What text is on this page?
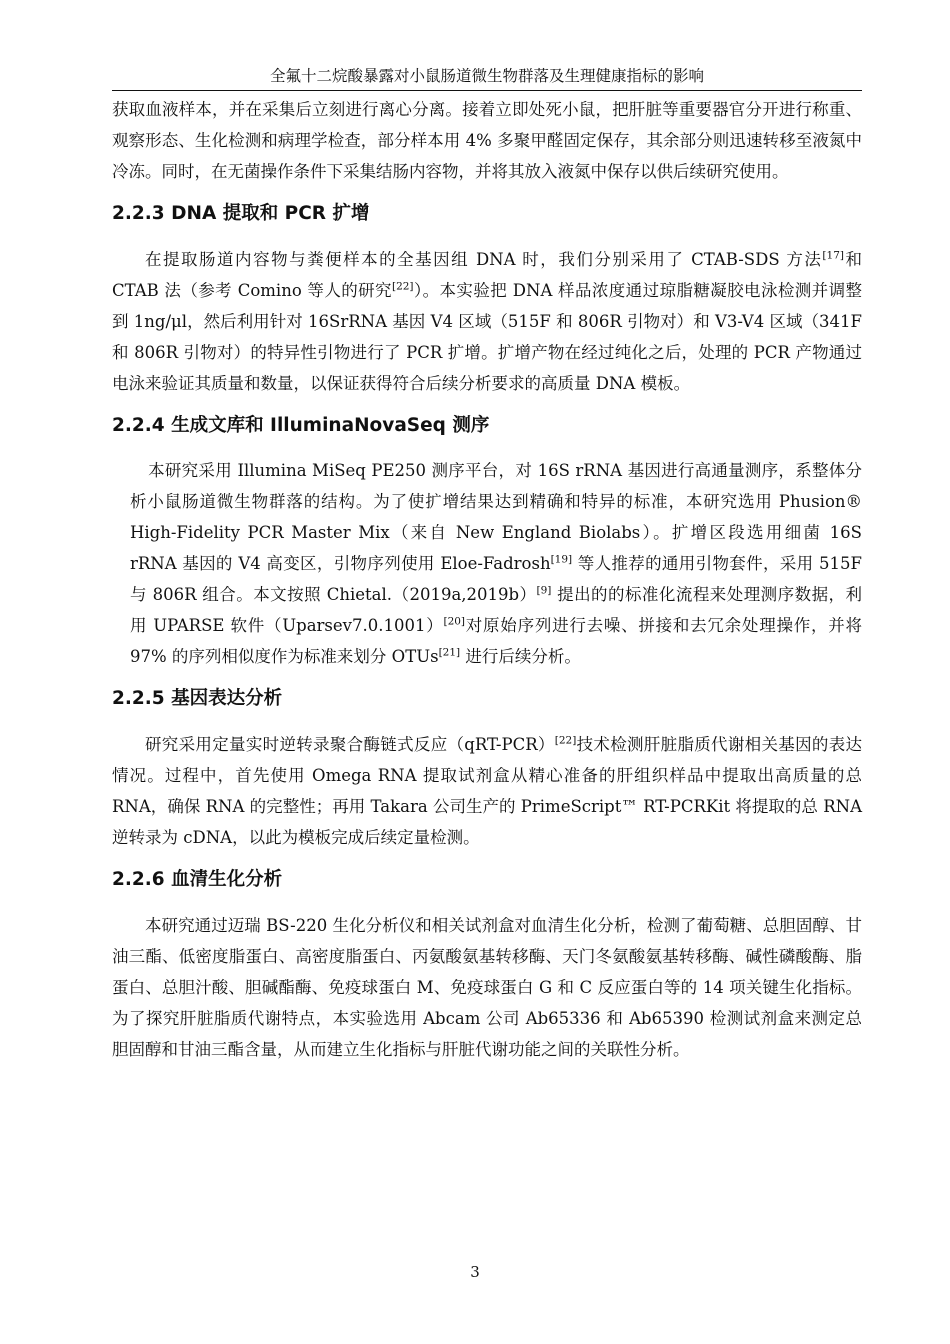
全氟十二烷酸暴露对小鼠肠道微生物群落及生理健康指标的影响

获取血液样本，并在采集后立刻进行离心分离。接着立即处死小鼠，把肝脏等重要器官分开进行称重、观察形态、生化检测和病理学检查，部分样本用 4% 多聚甲醛固定保存，其余部分则迅速转移至液氮中冷冻。同时，在无菌操作条件下采集结肠内容物，并将其放入液氮中保存以供后续研究使用。

2.2.3 DNA 提取和 PCR 扩增

在提取肠道内容物与粪便样本的全基因组 DNA 时，我们分别采用了 CTAB-SDS 方法[17]和 CTAB 法（参考 Comino 等人的研究[22]）。本实验把 DNA 样品浓度通过琼脂糖凝胶电泳检测并调整到 1ng/μl，然后利用针对 16SrRNA 基因 V4 区域（515F 和 806R 引物对）和 V3-V4 区域（341F 和 806R 引物对）的特异性引物进行了 PCR 扩增。扩增产物在经过纯化之后，处理的 PCR 产物通过电泳来验证其质量和数量，以保证获得符合后续分析要求的高质量 DNA 模板。

2.2.4 生成文库和 IlluminaNovaSeq 测序

本研究采用 Illumina MiSeq PE250 测序平台，对 16S rRNA 基因进行高通量测序，系整体分析小鼠肠道微生物群落的结构。为了使扩增结果达到精确和特异的标准，本研究选用 Phusion® High-Fidelity PCR Master Mix（来自 New England Biolabs）。扩增区段选用细菌 16S rRNA 基因的 V4 高变区，引物序列使用 Eloe-Fadrosh[19] 等人推荐的通用引物套件，采用 515F 与 806R 组合。本文按照 Chietal.（2019a,2019b）[9] 提出的的标准化流程来处理测序数据，利用 UPARSE 软件（Uparsev7.0.1001）[20]对原始序列进行去噪、拼接和去冗余处理操作，并将 97% 的序列相似度作为标准来划分 OTUs[21] 进行后续分析。

2.2.5 基因表达分析

研究采用定量实时逆转录聚合酶链式反应（qRT-PCR）[22]技术检测肝脏脂质代谢相关基因的表达情况。过程中，首先使用 Omega RNA 提取试剂盒从精心准备的肝组织样品中提取出高质量的总 RNA，确保 RNA 的完整性；再用 Takara 公司生产的 PrimeScript™ RT-PCRKit 将提取的总 RNA 逆转录为 cDNA，以此为模板完成后续定量检测。

2.2.6 血清生化分析

本研究通过迈瑞 BS-220 生化分析仪和相关试剂盒对血清生化分析，检测了葡萄糖、总胆固醇、甘油三酯、低密度脂蛋白、高密度脂蛋白、丙氨酸氨基转移酶、天门冬氨酸氨基转移酶、碱性磷酸酶、脂蛋白、总胆汁酸、胆碱酯酶、免疫球蛋白 M、免疫球蛋白 G 和 C 反应蛋白等的 14 项关键生化指标。为了探究肝脏脂质代谢特点，本实验选用 Abcam 公司 Ab65336 和 Ab65390 检测试剂盒来测定总胆固醇和甘油三酯含量，从而建立生化指标与肝脏代谢功能之间的关联性分析。

3
